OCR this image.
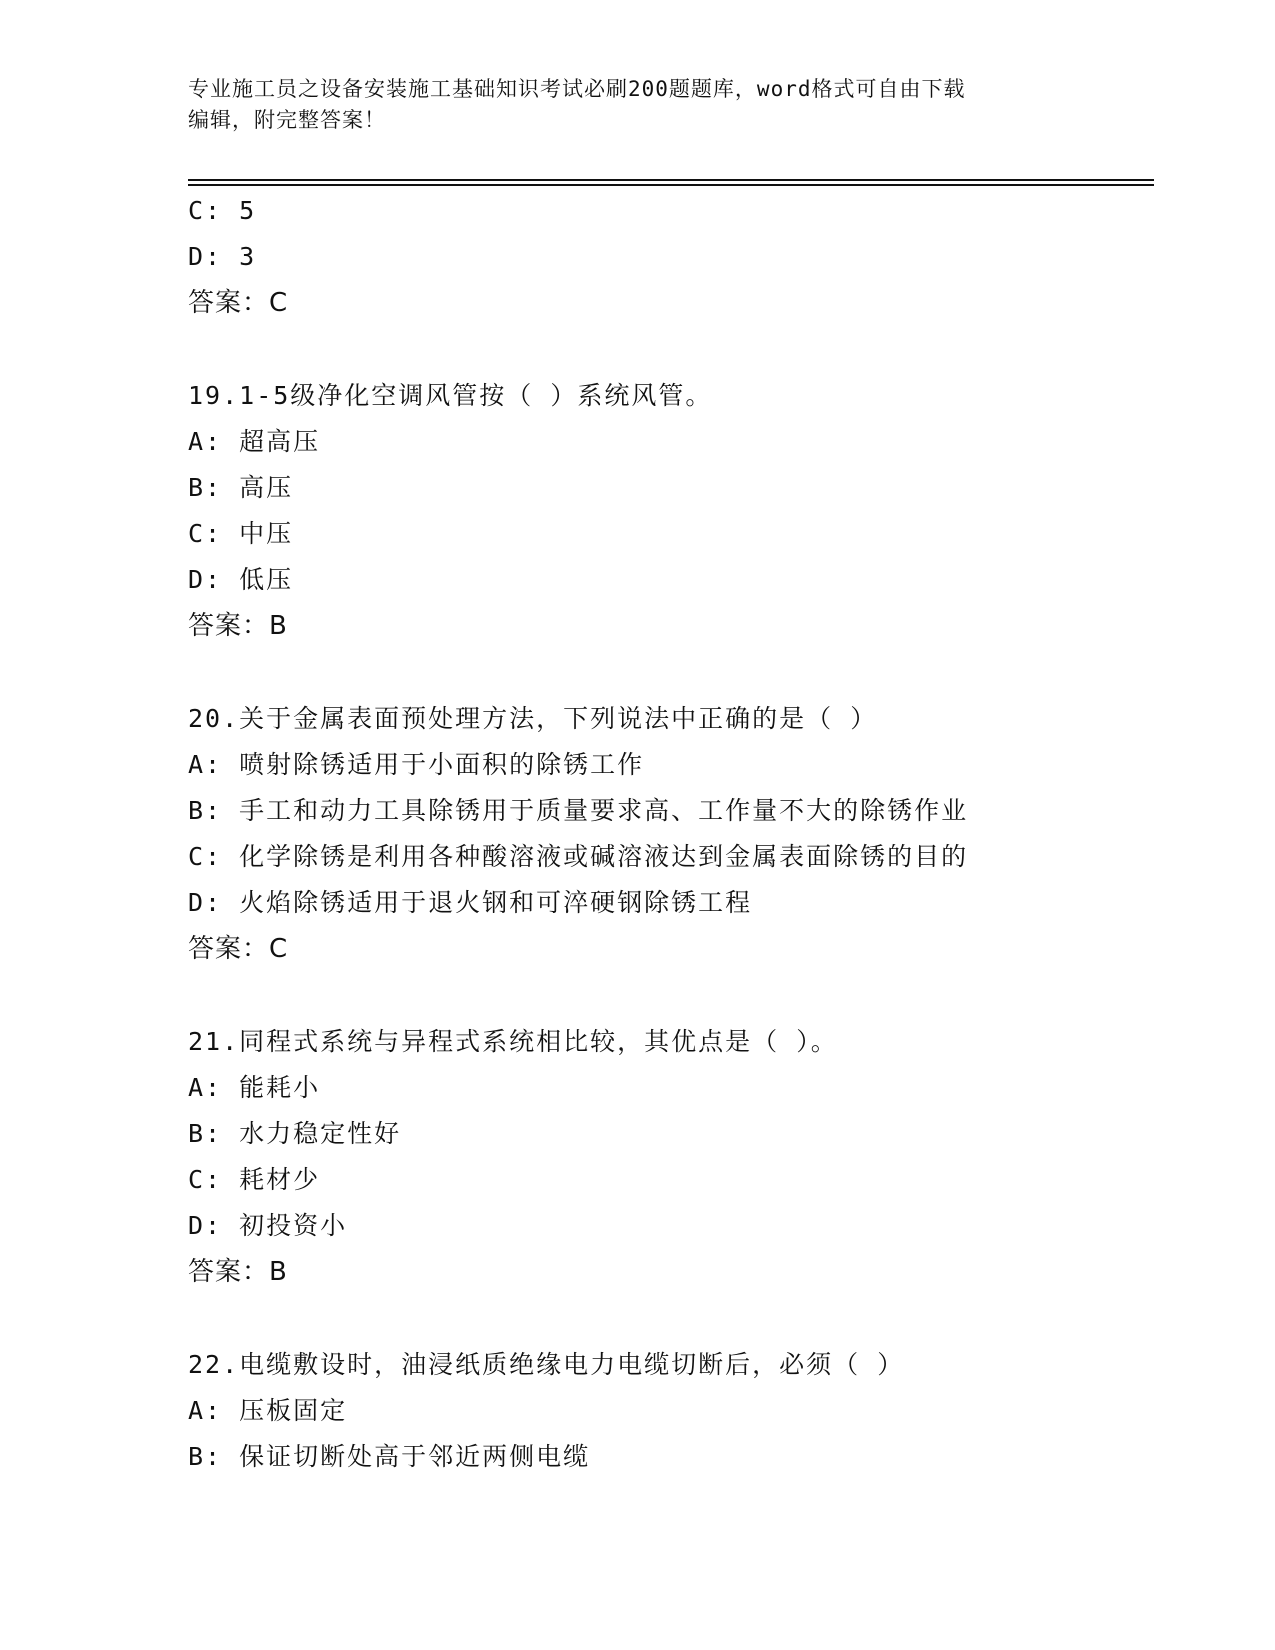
专业施工员之设备安装施工基础知识考试必刷200题题库，word格式可自由下载
编辑，附完整答案！
C: 5
D: 3
答案：C
19.1-5级净化空调风管按（ ）系统风管。
A: 超高压
B: 高压
C: 中压
D: 低压
答案：B
20.关于金属表面预处理方法，下列说法中正确的是（ ）
A: 喷射除锈适用于小面积的除锈工作
B: 手工和动力工具除锈用于质量要求高、工作量不大的除锈作业
C: 化学除锈是利用各种酸溶液或碱溶液达到金属表面除锈的目的
D: 火焰除锈适用于退火钢和可淬硬钢除锈工程
答案：C
21.同程式系统与异程式系统相比较，其优点是（ ）。
A: 能耗小
B: 水力稳定性好
C: 耗材少
D: 初投资小
答案：B
22.电缆敷设时，油浸纸质绝缘电力电缆切断后，必须（ ）
A: 压板固定
B: 保证切断处高于邻近两侧电缆
